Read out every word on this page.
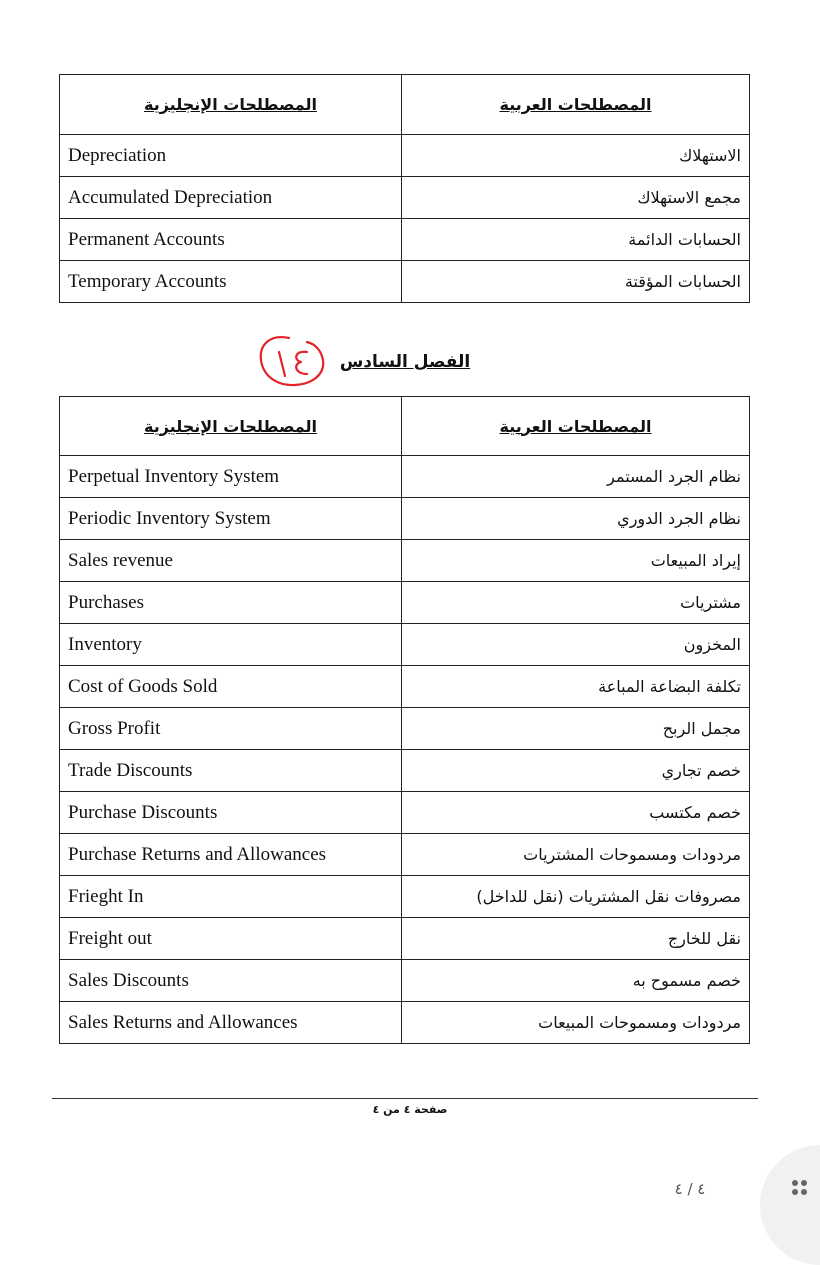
المصطلحات الإنجليزية	المصطلحات العربية
Depreciation	الاستهلاك
Accumulated Depreciation	مجمع الاستهلاك
Permanent Accounts	الحسابات الدائمة
Temporary Accounts	الحسابات المؤقتة
الفصل السادس
المصطلحات الإنجليزية	المصطلحات العربية
Perpetual Inventory System	نظام الجرد المستمر
Periodic Inventory System	نظام الجرد الدوري
Sales revenue	إيراد المبيعات
Purchases	مشتريات
Inventory	المخزون
Cost of Goods Sold	تكلفة البضاعة المباعة
Gross Profit	مجمل الربح
Trade Discounts	خصم تجاري
Purchase Discounts	خصم مكتسب
Purchase Returns and Allowances	مردودات ومسموحات المشتريات
Frieght In	مصروفات نقل المشتريات (نقل للداخل)
Freight out	نقل للخارج
Sales Discounts	خصم مسموح به
Sales Returns and Allowances	مردودات ومسموحات المبيعات
صفحة ٤ من ٤
٤ / ٤
